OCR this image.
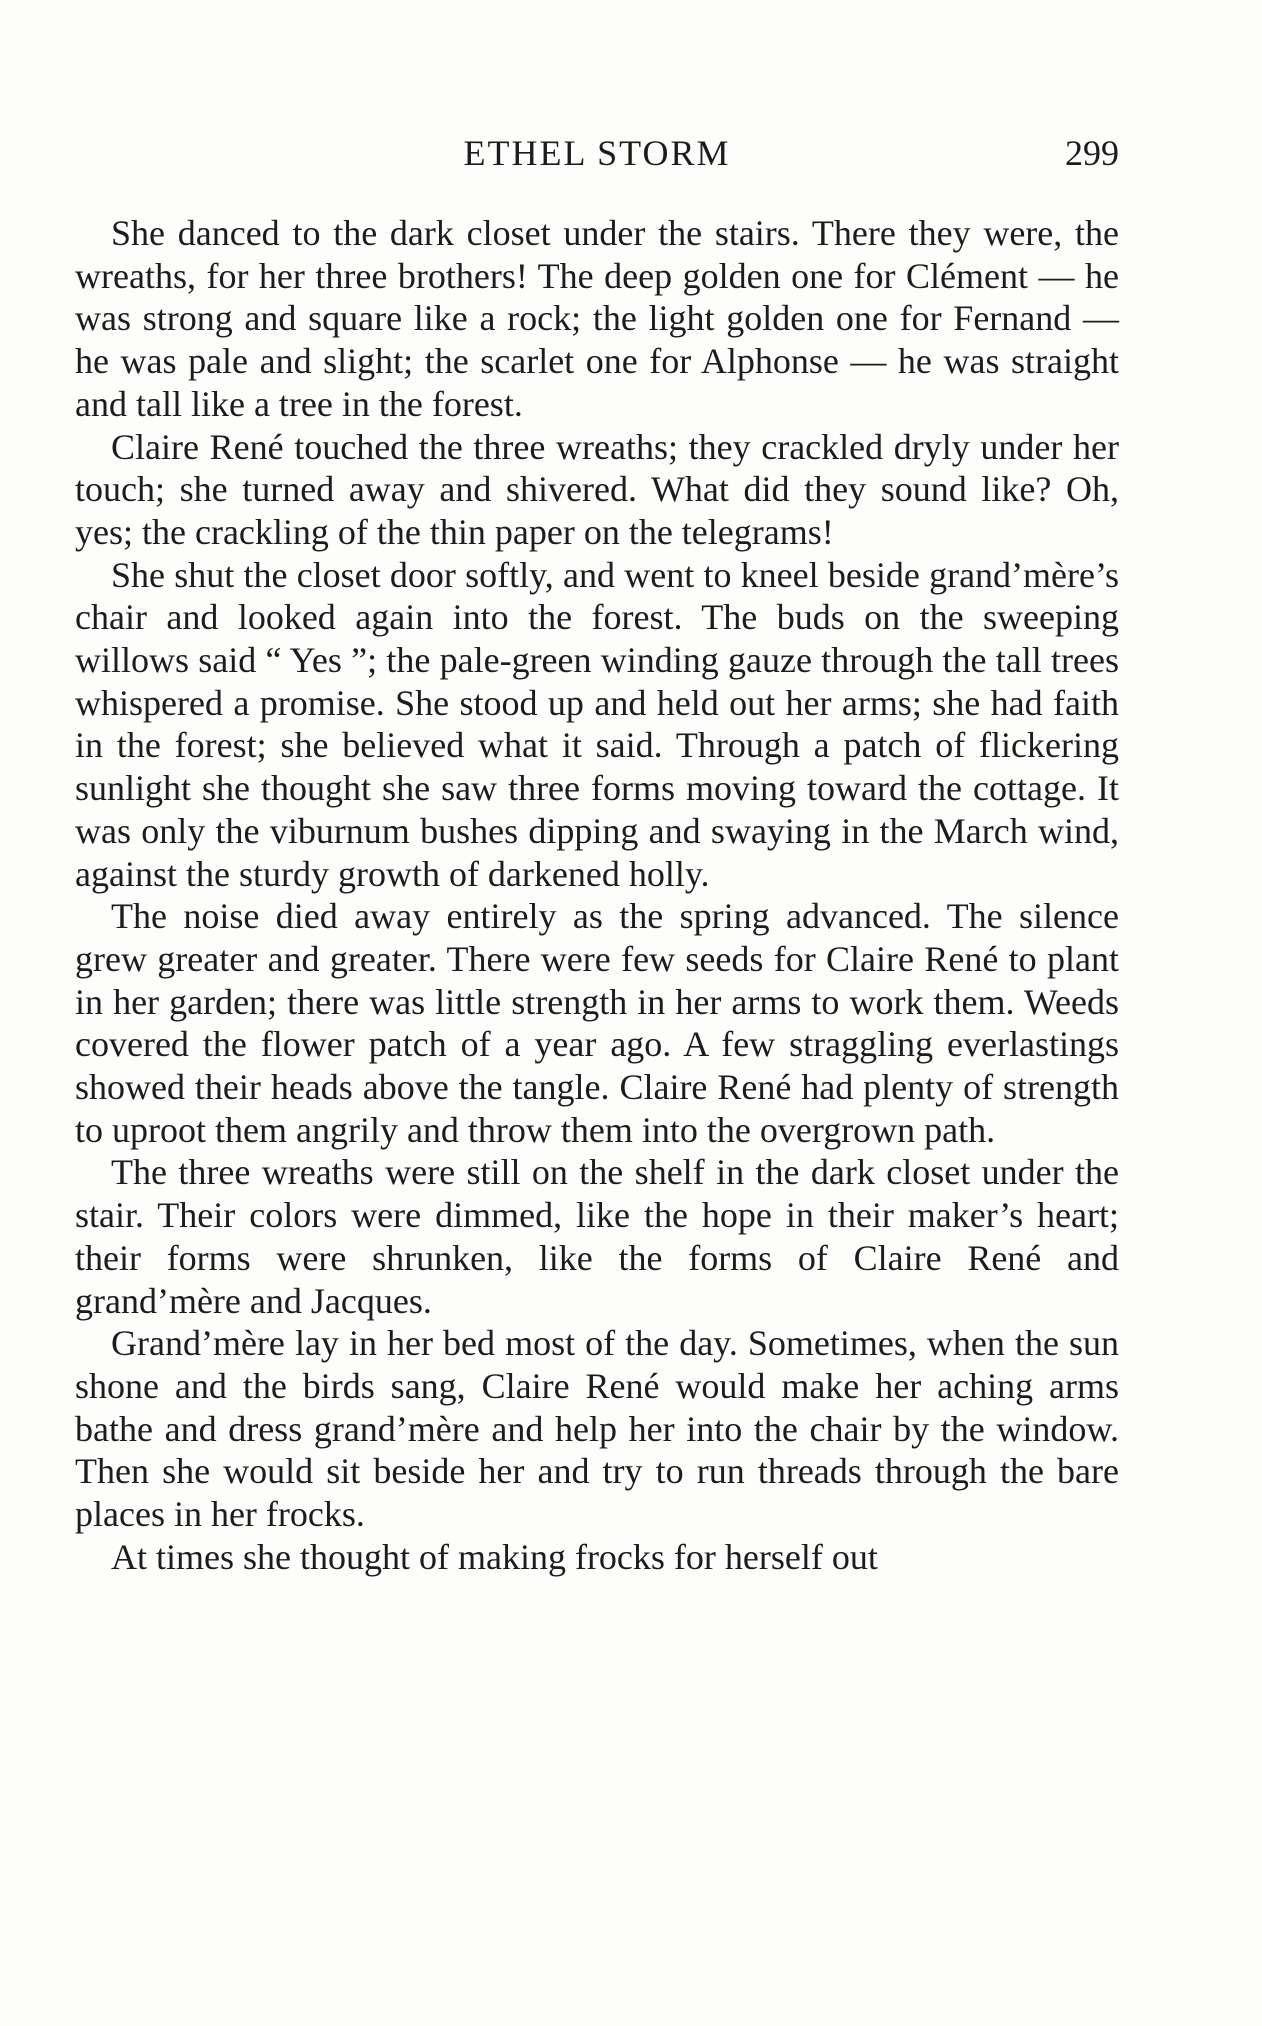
ETHEL STORM	299

She danced to the dark closet under the stairs. There they were, the wreaths, for her three brothers! The deep golden one for Clément — he was strong and square like a rock; the light golden one for Fernand — he was pale and slight; the scarlet one for Alphonse — he was straight and tall like a tree in the forest.

Claire René touched the three wreaths; they crackled dryly under her touch; she turned away and shivered. What did they sound like? Oh, yes; the crackling of the thin paper on the telegrams!

She shut the closet door softly, and went to kneel beside grand’mère’s chair and looked again into the forest. The buds on the sweeping willows said “ Yes ”; the pale-green winding gauze through the tall trees whispered a promise. She stood up and held out her arms; she had faith in the forest; she believed what it said. Through a patch of flickering sunlight she thought she saw three forms moving toward the cottage. It was only the viburnum bushes dipping and swaying in the March wind, against the sturdy growth of darkened holly.

The noise died away entirely as the spring advanced. The silence grew greater and greater. There were few seeds for Claire René to plant in her garden; there was little strength in her arms to work them. Weeds covered the flower patch of a year ago. A few straggling everlastings showed their heads above the tangle. Claire René had plenty of strength to uproot them angrily and throw them into the overgrown path.

The three wreaths were still on the shelf in the dark closet under the stair. Their colors were dimmed, like the hope in their maker’s heart; their forms were shrunken, like the forms of Claire René and grand’mère and Jacques.

Grand’mère lay in her bed most of the day. Sometimes, when the sun shone and the birds sang, Claire René would make her aching arms bathe and dress grand’mère and help her into the chair by the window. Then she would sit beside her and try to run threads through the bare places in her frocks.

At times she thought of making frocks for herself out
